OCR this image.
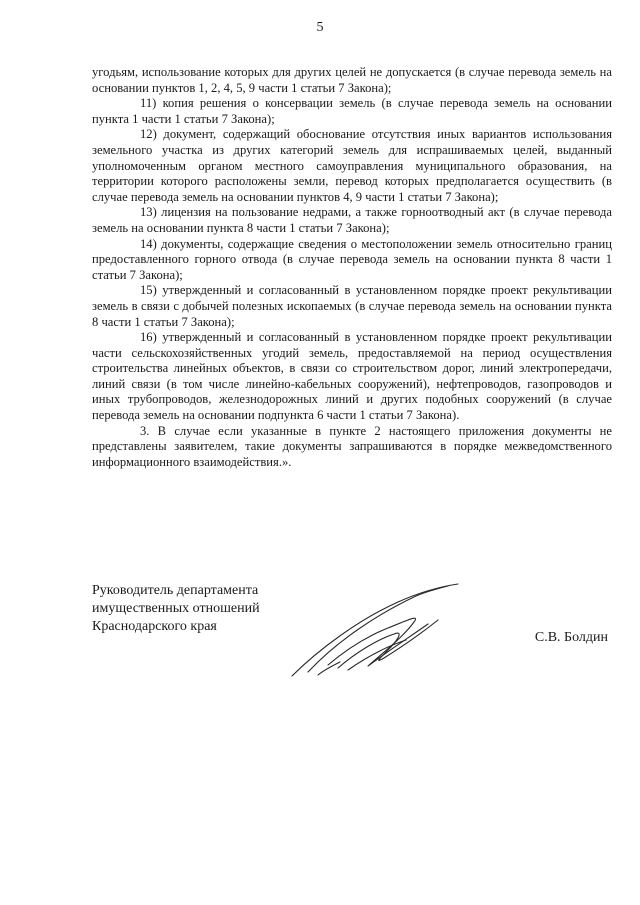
5

угодьям, использование которых для других целей не допускается (в случае перевода земель на основании пунктов 1, 2, 4, 5, 9 части 1 статьи 7 Закона);

11) копия решения о консервации земель (в случае перевода земель на основании пункта 1 части 1 статьи 7 Закона);

12) документ, содержащий обоснование отсутствия иных вариантов использования земельного участка из других категорий земель для испрашиваемых целей, выданный уполномоченным органом местного самоуправления муниципального образования, на территории которого расположены земли, перевод которых предполагается осуществить (в случае перевода земель на основании пунктов 4, 9 части 1 статьи 7 Закона);

13) лицензия на пользование недрами, а также горноотводный акт (в случае перевода земель на основании пункта 8 части 1 статьи 7 Закона);

14) документы, содержащие сведения о местоположении земель относительно границ предоставленного горного отвода (в случае перевода земель на основании пункта 8 части 1 статьи 7 Закона);

15) утвержденный и согласованный в установленном порядке проект рекультивации земель в связи с добычей полезных ископаемых (в случае перевода земель на основании пункта 8 части 1 статьи 7 Закона);

16) утвержденный и согласованный в установленном порядке проект рекультивации части сельскохозяйственных угодий земель, предоставляемой на период осуществления строительства линейных объектов, в связи со строительством дорог, линий электропередачи, линий связи (в том числе линейно-кабельных сооружений), нефтепроводов, газопроводов и иных трубопроводов, железнодорожных линий и других подобных сооружений (в случае перевода земель на основании подпункта 6 части 1 статьи 7 Закона).

3. В случае если указанные в пункте 2 настоящего приложения документы не представлены заявителем, такие документы запрашиваются в порядке межведомственного информационного взаимодействия.».

Руководитель департамента
имущественных отношений
Краснодарского края
С.В. Болдин
